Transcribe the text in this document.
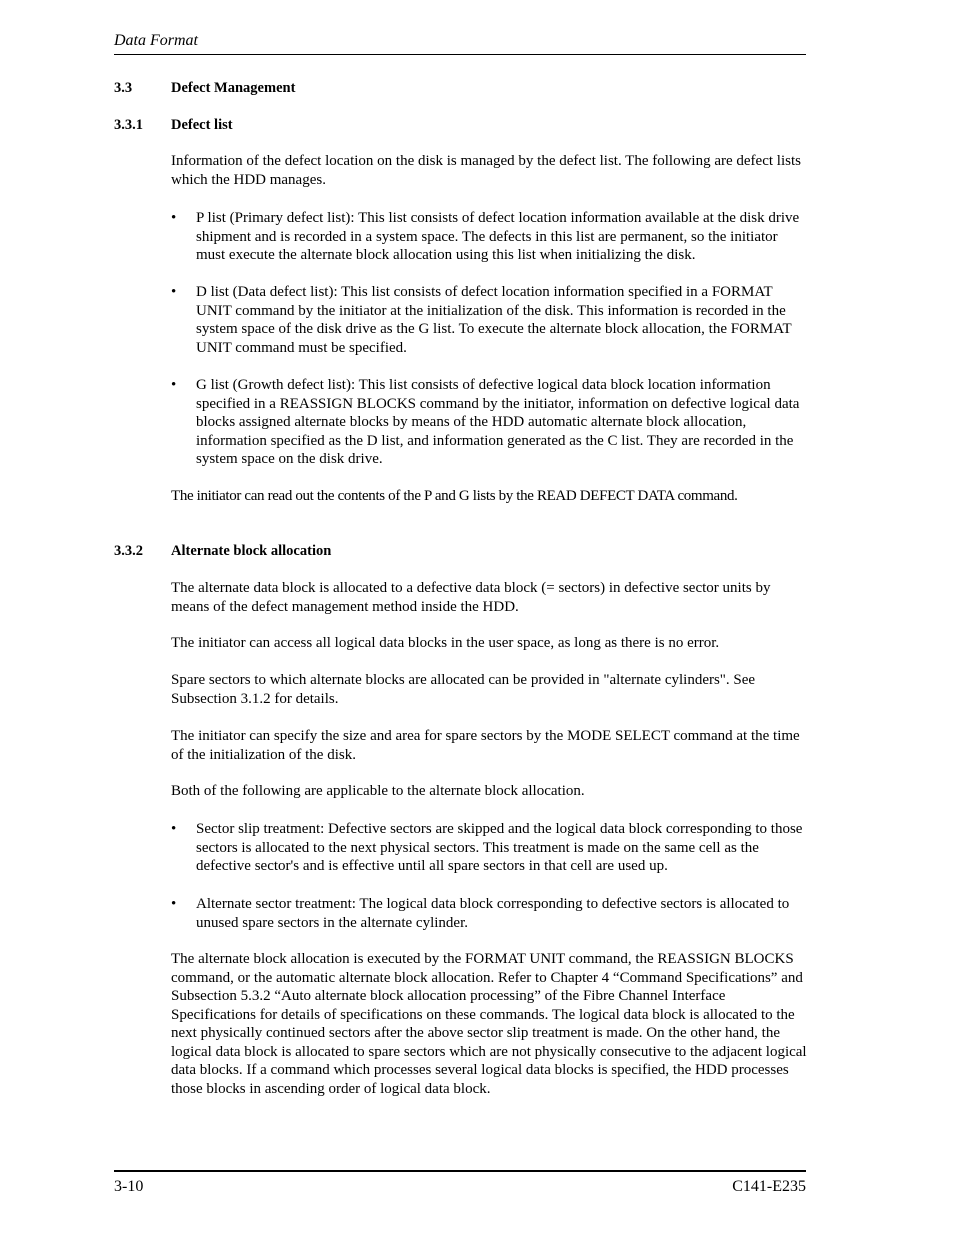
Data Format
3.3	Defect Management
3.3.1 Defect list
Information of the defect location on the disk is managed by the defect list. The following are defect lists which the HDD manages.
• P list (Primary defect list): This list consists of defect location information available at the disk drive shipment and is recorded in a system space. The defects in this list are permanent, so the initiator must execute the alternate block allocation using this list when initializing the disk.
• D list (Data defect list): This list consists of defect location information specified in a FORMAT UNIT command by the initiator at the initialization of the disk. This information is recorded in the system space of the disk drive as the G list. To execute the alternate block allocation, the FORMAT UNIT command must be specified.
• G list (Growth defect list): This list consists of defective logical data block location information specified in a REASSIGN BLOCKS command by the initiator, information on defective logical data blocks assigned alternate blocks by means of the HDD automatic alternate block allocation, information specified as the D list, and information generated as the C list. They are recorded in the system space on the disk drive.
The initiator can read out the contents of the P and G lists by the READ DEFECT DATA command.
3.3.2 Alternate block allocation
The alternate data block is allocated to a defective data block (= sectors) in defective sector units by means of the defect management method inside the HDD.
The initiator can access all logical data blocks in the user space, as long as there is no error.
Spare sectors to which alternate blocks are allocated can be provided in "alternate cylinders". See Subsection 3.1.2 for details.
The initiator can specify the size and area for spare sectors by the MODE SELECT command at the time of the initialization of the disk.
Both of the following are applicable to the alternate block allocation.
• Sector slip treatment: Defective sectors are skipped and the logical data block corresponding to those sectors is allocated to the next physical sectors. This treatment is made on the same cell as the defective sector's and is effective until all spare sectors in that cell are used up.
• Alternate sector treatment: The logical data block corresponding to defective sectors is allocated to unused spare sectors in the alternate cylinder.
The alternate block allocation is executed by the FORMAT UNIT command, the REASSIGN BLOCKS command, or the automatic alternate block allocation. Refer to Chapter 4 “Command Specifications” and Subsection 5.3.2 “Auto alternate block allocation processing” of the Fibre Channel Interface Specifications for details of specifications on these commands. The logical data block is allocated to the next physically continued sectors after the above sector slip treatment is made. On the other hand, the logical data block is allocated to spare sectors which are not physically consecutive to the adjacent logical data blocks. If a command which processes several logical data blocks is specified, the HDD processes those blocks in ascending order of logical data block.
3-10	C141-E235
